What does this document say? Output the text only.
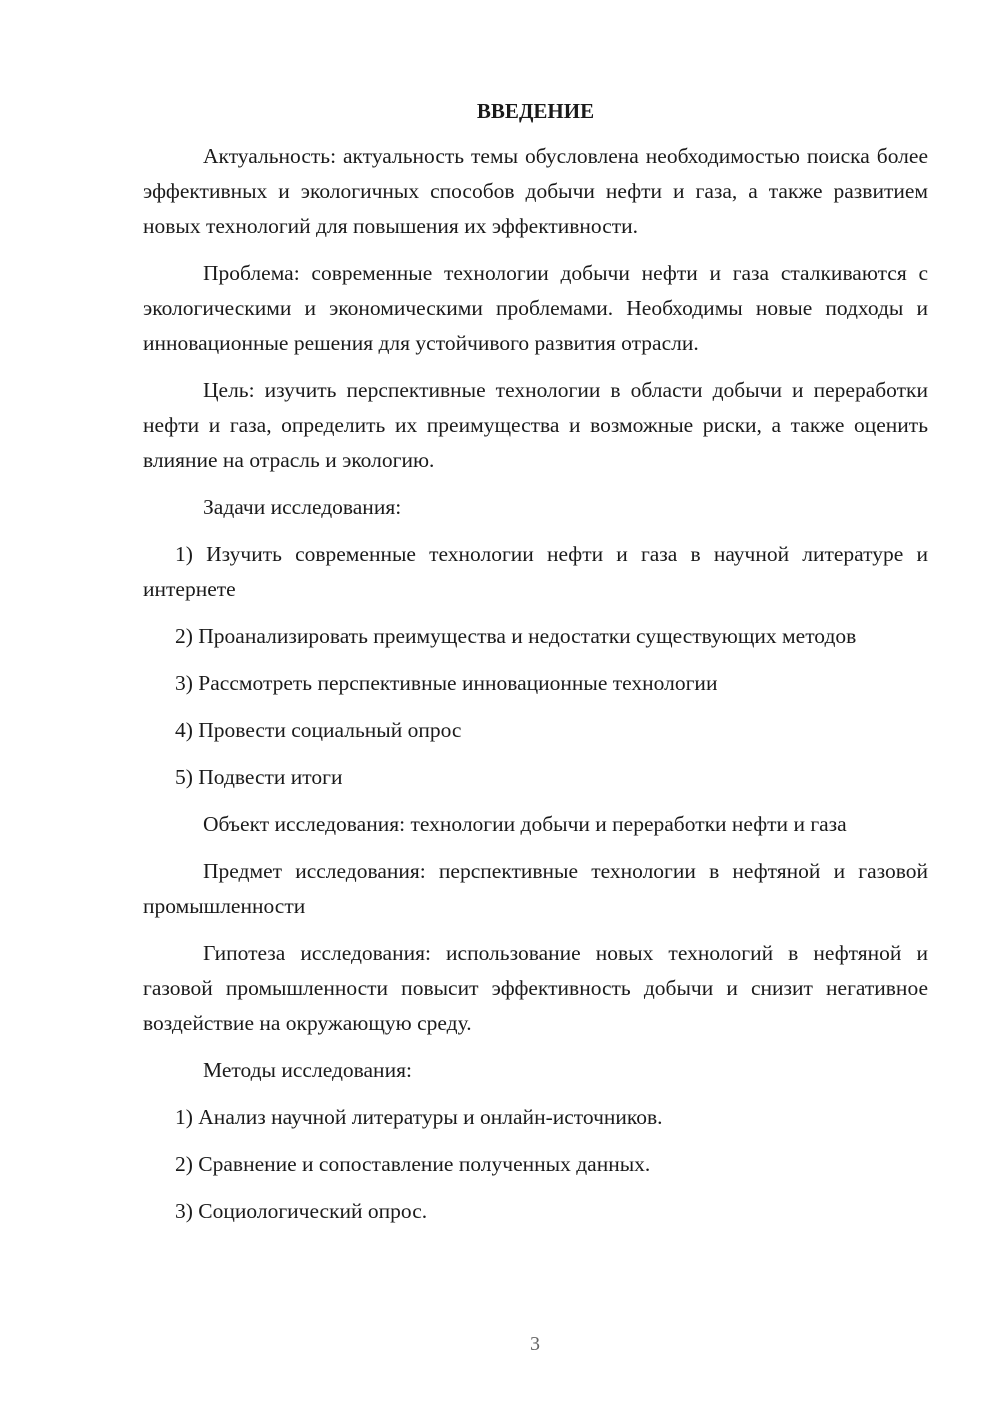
ВВЕДЕНИЕ

Актуальность: актуальность темы обусловлена необходимостью поиска более эффективных и экологичных способов добычи нефти и газа, а также развитием новых технологий для повышения их эффективности.

Проблема: современные технологии добычи нефти и газа сталкиваются с экологическими и экономическими проблемами. Необходимы новые подходы и инновационные решения для устойчивого развития отрасли.

Цель: изучить перспективные технологии в области добычи и переработки нефти и газа, определить их преимущества и возможные риски, а также оценить влияние на отрасль и экологию.

Задачи исследования:

1) Изучить современные технологии нефти и газа в научной литературе и интернете

2) Проанализировать преимущества и недостатки существующих методов

3) Рассмотреть перспективные инновационные технологии

4) Провести социальный опрос

5) Подвести итоги

Объект исследования: технологии добычи и переработки нефти и газа

Предмет исследования: перспективные технологии в нефтяной и газовой промышленности

Гипотеза исследования: использование новых технологий в нефтяной и газовой промышленности повысит эффективность добычи и снизит негативное воздействие на окружающую среду.

Методы исследования:

1) Анализ научной литературы и онлайн-источников.

2) Сравнение и сопоставление полученных данных.

3) Социологический опрос.

3
